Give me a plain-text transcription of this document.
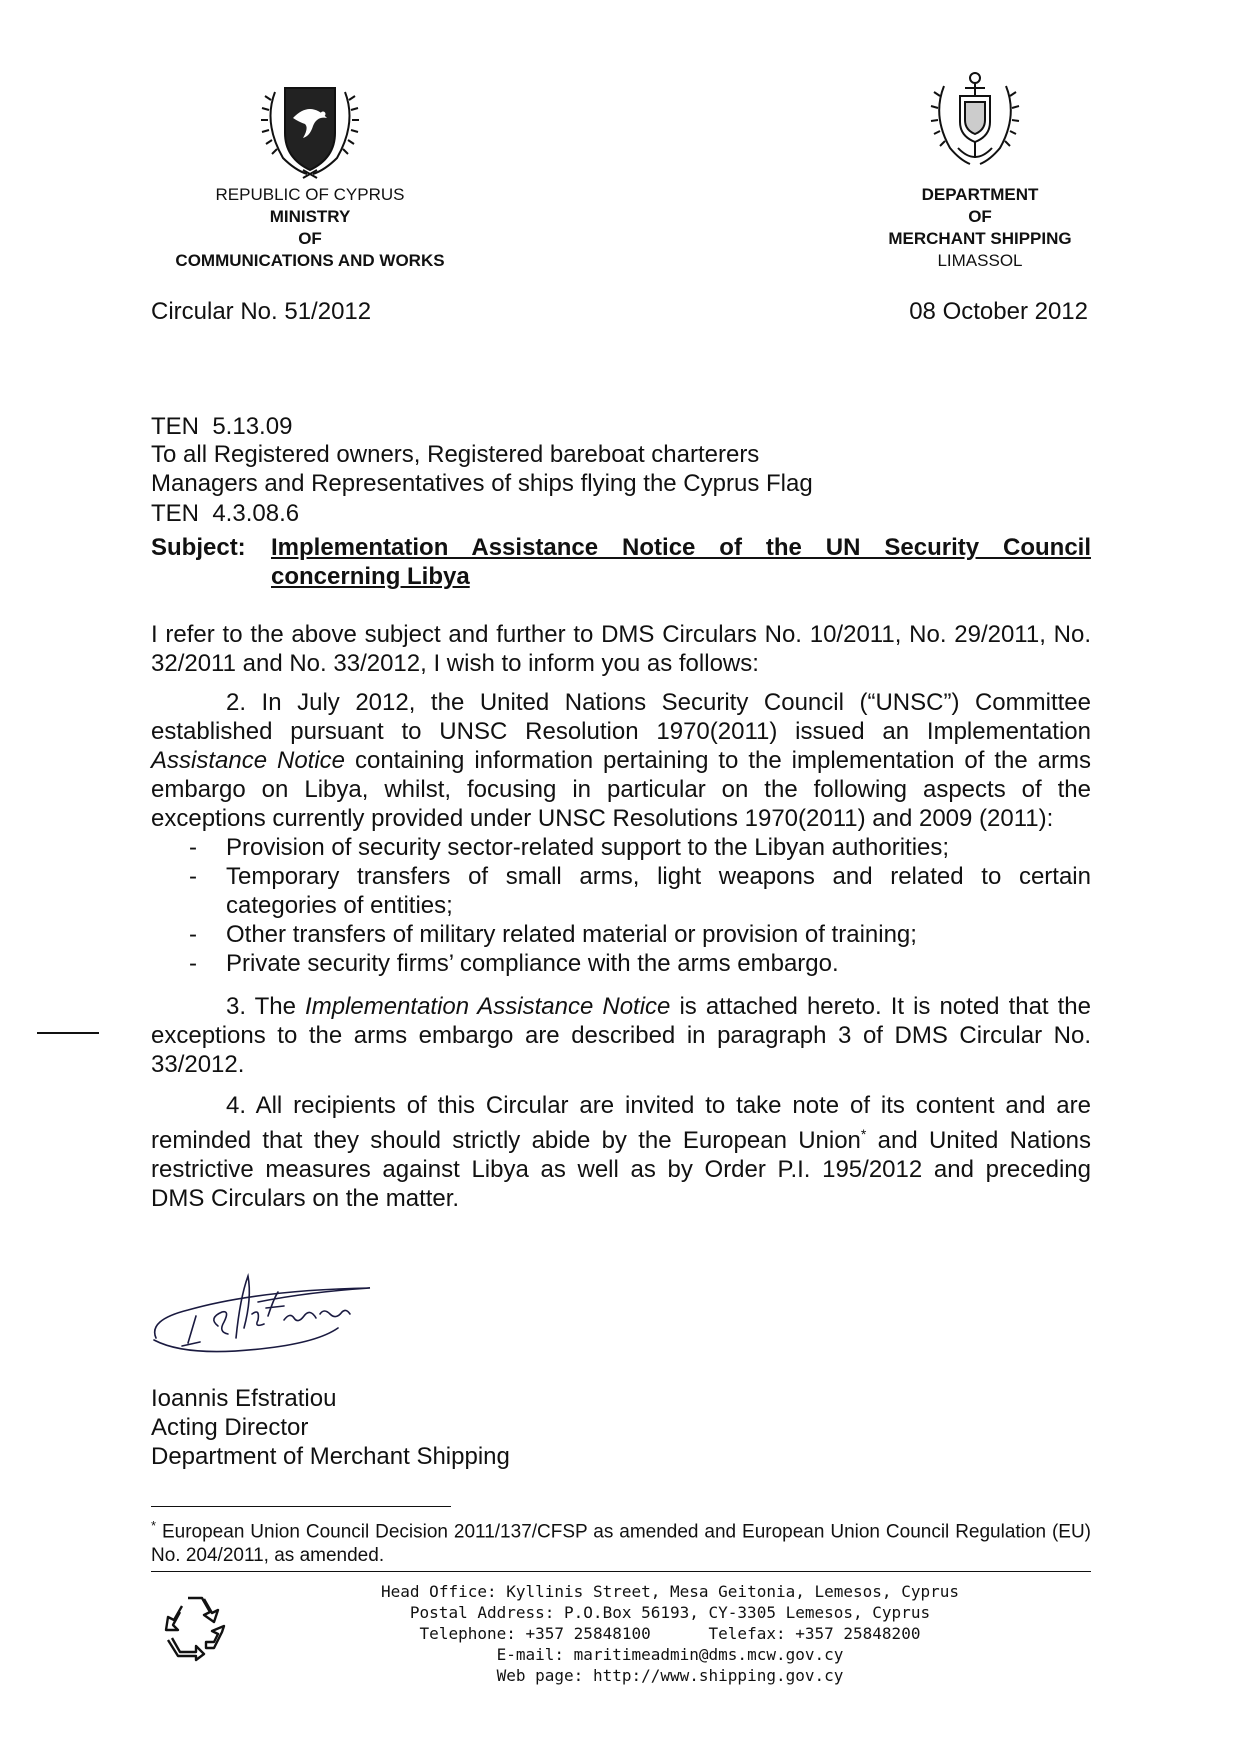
REPUBLIC OF CYPRUS
MINISTRY
OF
COMMUNICATIONS AND WORKS
DEPARTMENT
OF
MERCHANT SHIPPING
LIMASSOL
Circular No. 51/2012	08 October 2012

TEN  5.13.09

TEN  4.3.08.6

To all Registered owners, Registered bareboat charterers
Managers and Representatives of ships flying the Cyprus Flag
Subject: Implementation Assistance Notice of the UN Security Council
concerning Libya

I refer to the above subject and further to DMS Circulars No. 10/2011, No. 29/2011, No. 32/2011 and No. 33/2012, I wish to inform you as follows:

2. In July 2012, the United Nations Security Council (“UNSC”) Committee established pursuant to UNSC Resolution 1970(2011) issued an Implementation Assistance Notice containing information pertaining to the implementation of the arms embargo on Libya, whilst, focusing in particular on the following aspects of the exceptions currently provided under UNSC Resolutions 1970(2011) and 2009 (2011):

- Provision of security sector-related support to the Libyan authorities;
- Temporary transfers of small arms, light weapons and related to certain categories of entities;
- Other transfers of military related material or provision of training;
- Private security firms’ compliance with the arms embargo.

3. The Implementation Assistance Notice is attached hereto. It is noted that the exceptions to the arms embargo are described in paragraph 3 of DMS Circular No. 33/2012.

4. All recipients of this Circular are invited to take note of its content and are reminded that they should strictly abide by the European Union* and United Nations restrictive measures against Libya as well as by Order P.I. 195/2012 and preceding DMS Circulars on the matter.

Ioannis Efstratiou
Acting Director
Department of Merchant Shipping
* European Union Council Decision 2011/137/CFSP as amended and European Union Council Regulation (EU) No. 204/2011, as amended.
Head Office: Kyllinis Street, Mesa Geitonia, Lemesos, Cyprus
Postal Address: P.O.Box 56193, CY-3305 Lemesos, Cyprus
Telephone: +357 25848100	Telefax: +357 25848200
E-mail: maritimeadmin@dms.mcw.gov.cy
Web page: http://www.shipping.gov.cy
